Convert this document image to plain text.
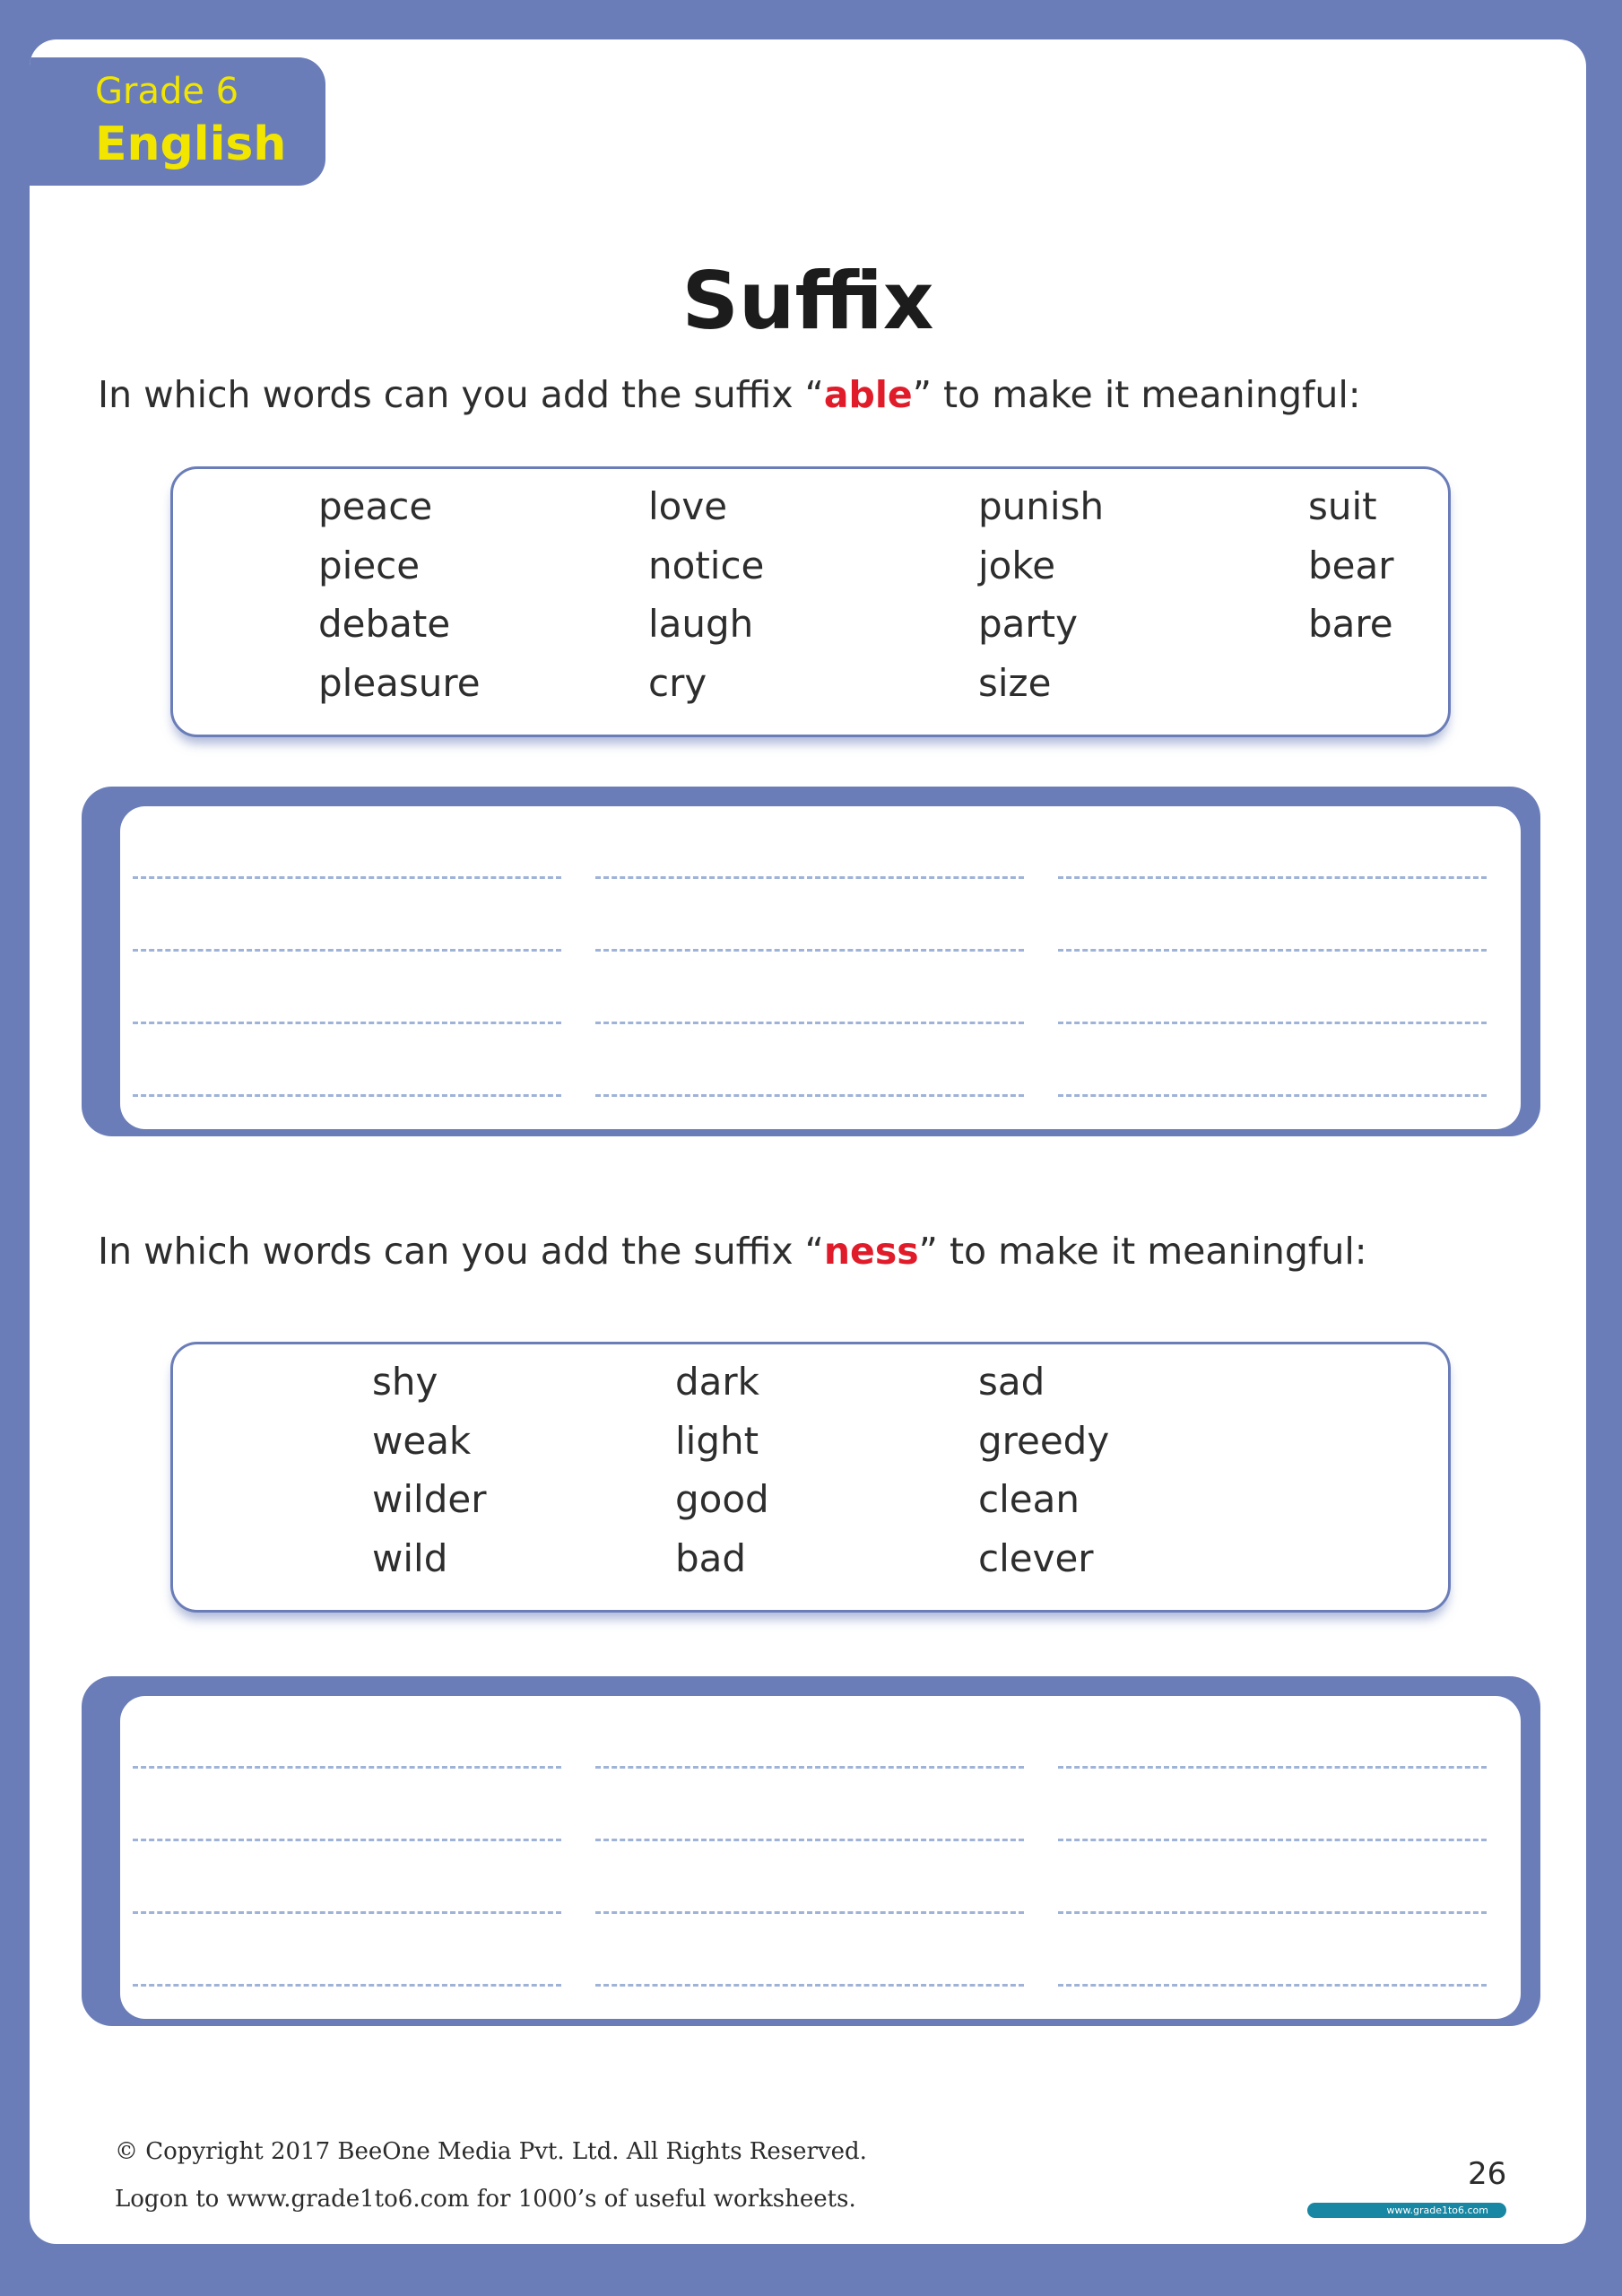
Grade 6
English
Suffix
In which words can you add the suffix “able” to make it meaningful:
peace
piece
debate
pleasure
love
notice
laugh
cry
punish
joke
party
size
suit
bear
bare
In which words can you add the suffix “ness” to make it meaningful:
shy
weak
wilder
wild
dark
light
good
bad
sad
greedy
clean
clever
© Copyright 2017 BeeOne Media Pvt. Ltd. All Rights Reserved.
Logon to www.grade1to6.com for 1000’s of useful worksheets.
26
www.grade1to6.com
